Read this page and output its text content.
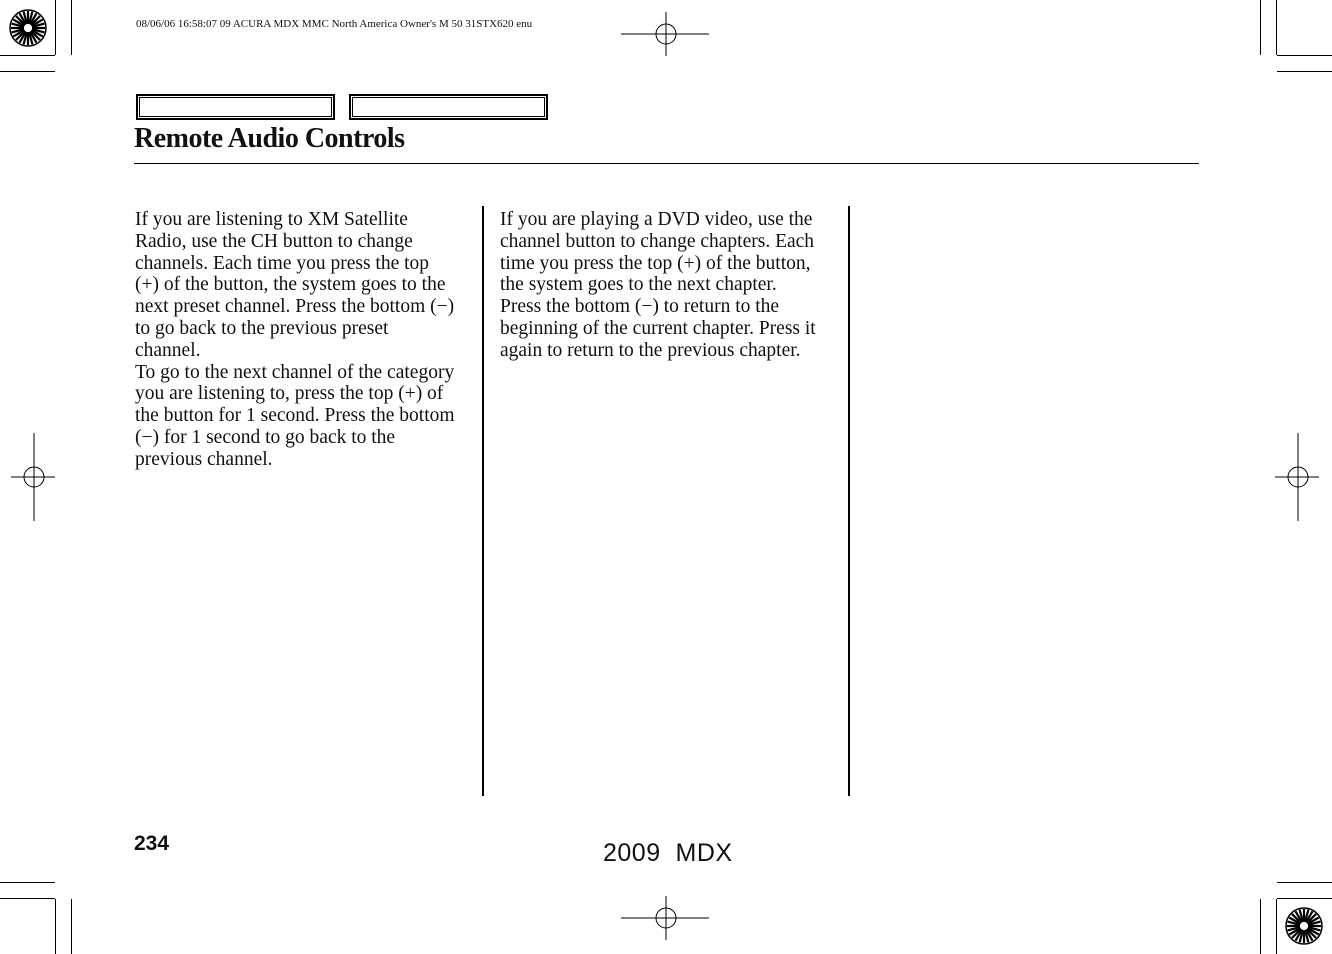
08/06/06 16:58:07 09 ACURA MDX MMC North America Owner's M 50 31STX620 enu
Remote Audio Controls

If you are listening to XM Satellite Radio, use the CH button to change channels. Each time you press the top (+) of the button, the system goes to the next preset channel. Press the bottom (−) to go back to the previous preset channel.

To go to the next channel of the category you are listening to, press the top (+) of the button for 1 second. Press the bottom (−) for 1 second to go back to the previous channel.

If you are playing a DVD video, use the channel button to change chapters. Each time you press the top (+) of the button, the system goes to the next chapter. Press the bottom (−) to return to the beginning of the current chapter. Press it again to return to the previous chapter.

234	2009  MDX
